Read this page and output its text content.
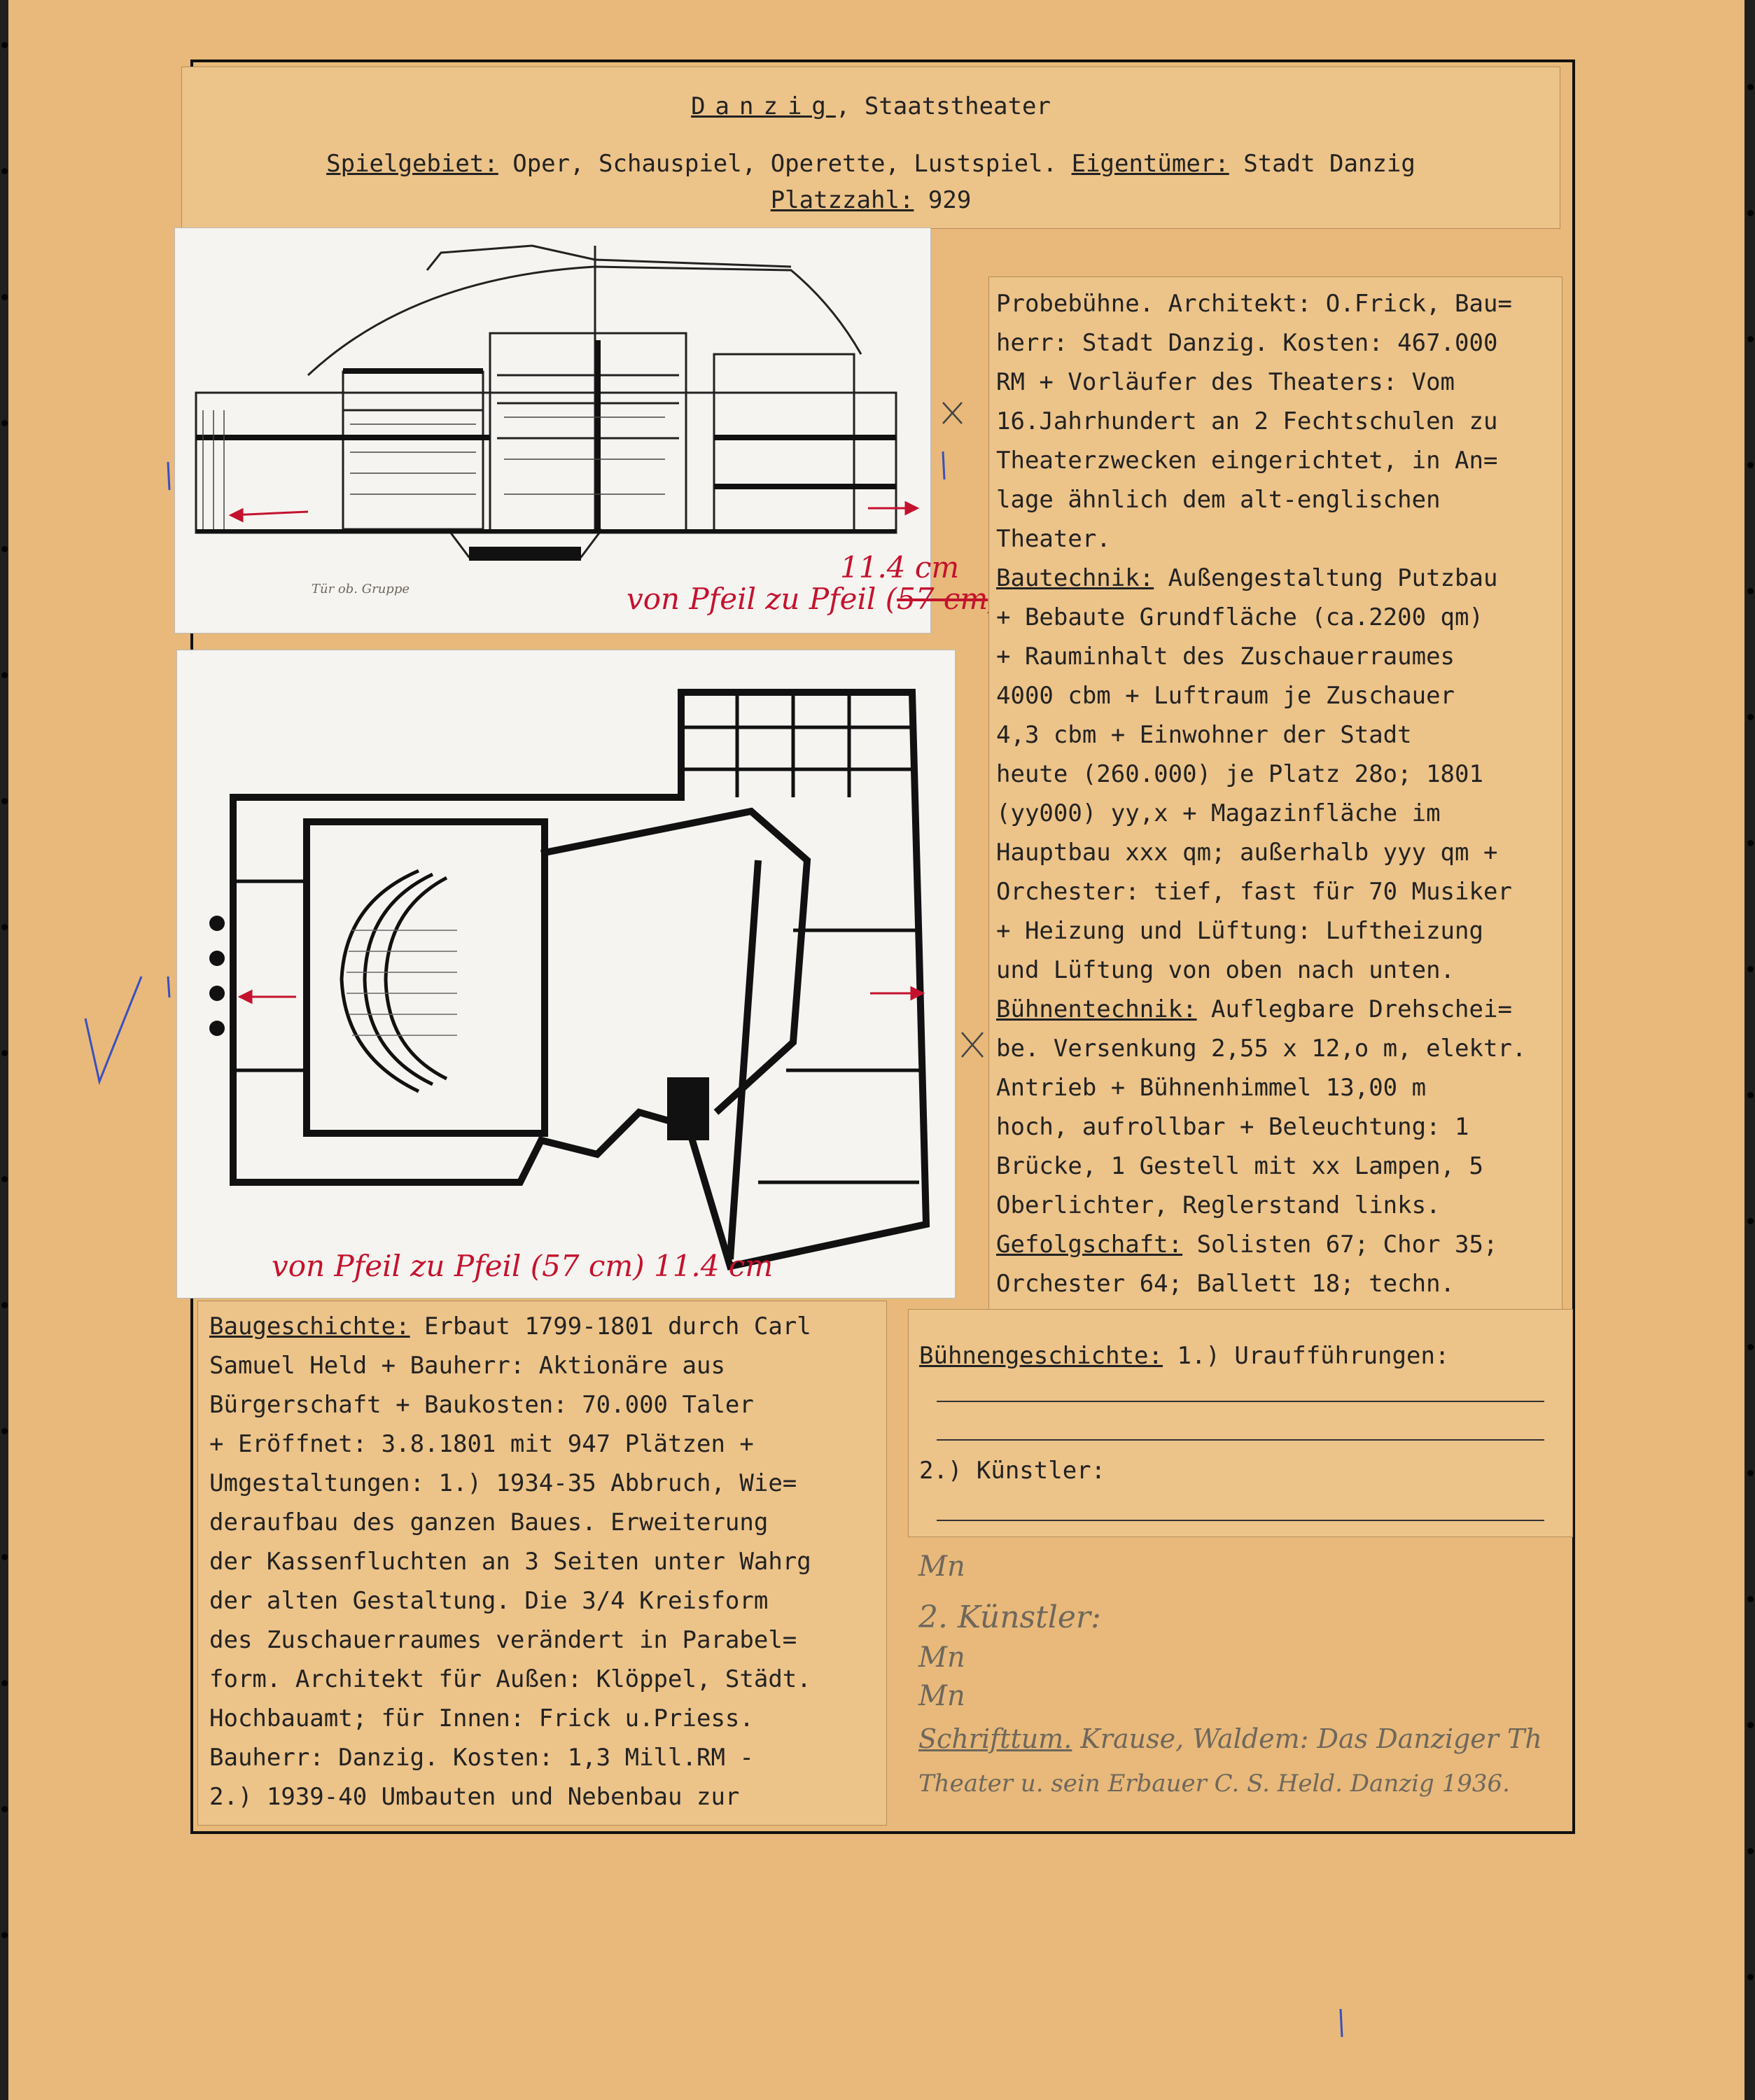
Danzig, Staatstheater

Spielgebiet: Oper, Schauspiel, Operette, Lustspiel. Eigentümer: Stadt Danzig

Platzzahl: 929

Tür ob. Gruppe	von Pfeil zu Pfeil (57 cm
11.4 cm
von Pfeil zu Pfeil (57 cm) 11.4 cm

Probebühne. Architekt: O.Frick, Bau=

herr: Stadt Danzig. Kosten: 467.000

RM + Vorläufer des Theaters: Vom

16.Jahrhundert an 2 Fechtschulen zu

Theaterzwecken eingerichtet, in An=

lage ähnlich dem alt-englischen

Theater.

Bautechnik: Außengestaltung Putzbau

+ Bebaute Grundfläche (ca.2200 qm)

+ Rauminhalt des Zuschauerraumes

4000 cbm + Luftraum je Zuschauer

4,3 cbm + Einwohner der Stadt

heute (260.000) je Platz 28o; 1801

(yy000) yy,x + Magazinfläche im

Hauptbau xxx qm; außerhalb yyy qm +

Orchester: tief, fast für 70 Musiker

+ Heizung und Lüftung: Luftheizung

und Lüftung von oben nach unten.

Bühnentechnik: Auflegbare Drehschei=

be. Versenkung 2,55 x 12,o m, elektr.

Antrieb + Bühnenhimmel 13,00 m

hoch, aufrollbar + Beleuchtung: 1

Brücke, 1 Gestell mit xx Lampen, 5

Oberlichter, Reglerstand links.

Gefolgschaft: Solisten 67; Chor 35;

Orchester 64; Ballett 18; techn.

Baugeschichte: Erbaut 1799-1801 durch Carl

Samuel Held + Bauherr: Aktionäre aus

Bürgerschaft + Baukosten: 70.000 Taler

+ Eröffnet: 3.8.1801 mit 947 Plätzen +

Umgestaltungen: 1.) 1934-35 Abbruch, Wie=

deraufbau des ganzen Baues. Erweiterung

der Kassenfluchten an 3 Seiten unter Wahrg

der alten Gestaltung. Die 3/4 Kreisform

des Zuschauerraumes verändert in Parabel=

form. Architekt für Außen: Klöppel, Städt.

Hochbauamt; für Innen: Frick u.Priess.

Bauherr: Danzig. Kosten: 1,3 Mill.RM -

2.) 1939-40 Umbauten und Nebenbau zur

Bühnengeschichte: 1.) Uraufführungen:

2.) Künstler:

Mn
2. Künstler:
Mn
Mn
Schrifttum. Krause, Waldem: Das Danziger Th
Theater u. sein Erbauer C. S. Held. Danzig 1936.
